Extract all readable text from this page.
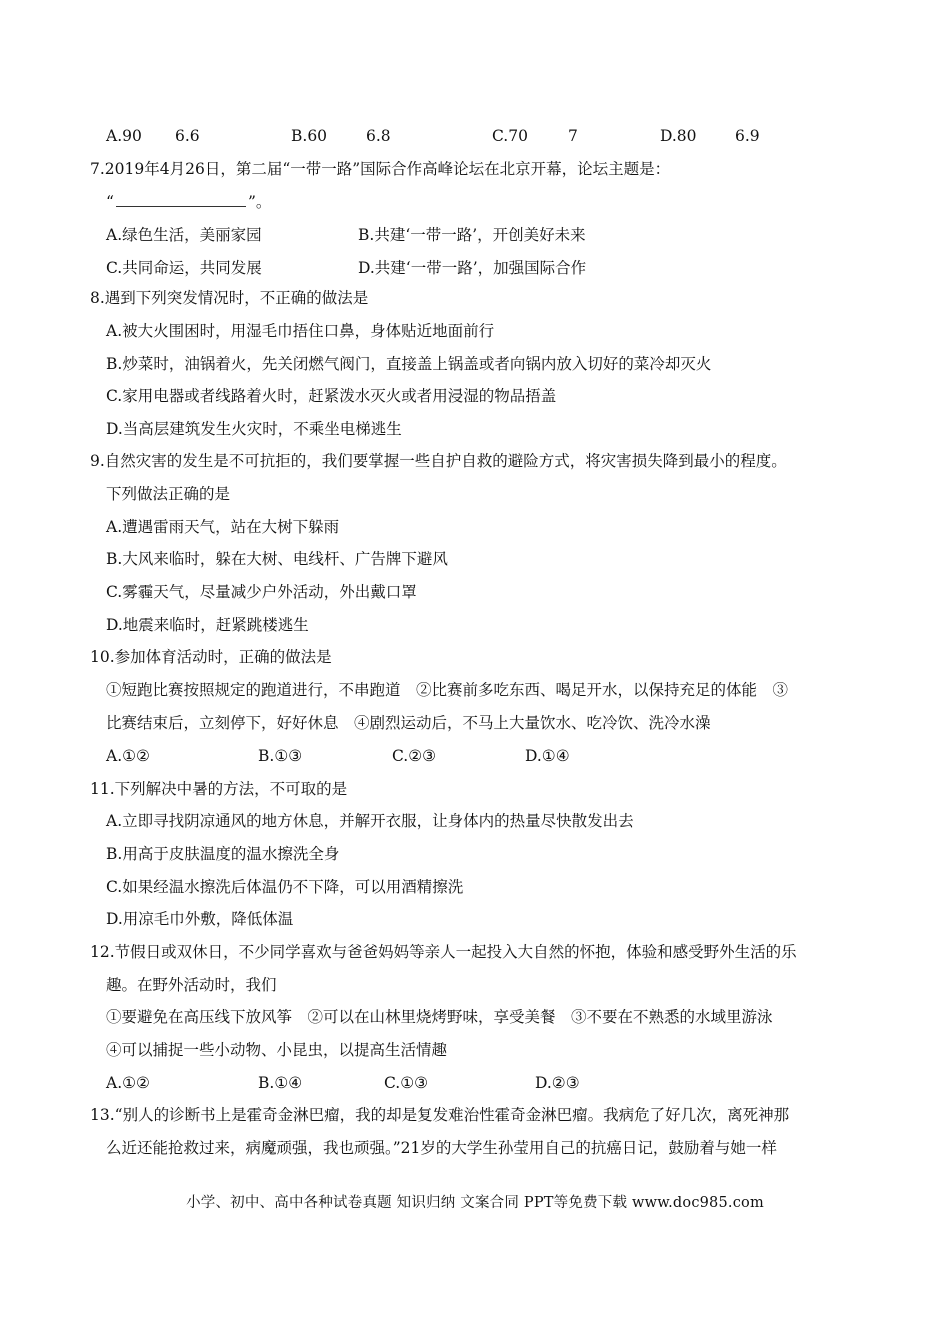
A.90 6.6	B.60	6.8	C.70	7	D.80 6.9
7.2019年4月26日，第二届“一带一路”国际合作高峰论坛在北京开幕，论坛主题是：
“	”。
A.绿色生活，美丽家园	B.共建‘一带一路’，开创美好未来
C.共同命运，共同发展	D.共建‘一带一路’，加强国际合作
8.遇到下列突发情况时，不正确的做法是
A.被大火围困时，用湿毛巾捂住口鼻，身体贴近地面前行
B.炒菜时，油锅着火，先关闭燃气阀门，直接盖上锅盖或者向锅内放入切好的菜冷却灭火
C.家用电器或者线路着火时，赶紧泼水灭火或者用浸湿的物品捂盖
D.当高层建筑发生火灾时，不乘坐电梯逃生
9.自然灾害的发生是不可抗拒的，我们要掌握一些自护自救的避险方式，将灾害损失降到最小的程度。
下列做法正确的是
A.遭遇雷雨天气，站在大树下躲雨
B.大风来临时，躲在大树、电线杆、广告牌下避风
C.雾霾天气，尽量减少户外活动，外出戴口罩
D.地震来临时，赶紧跳楼逃生
10.参加体育活动时，正确的做法是
①短跑比赛按照规定的跑道进行，不串跑道　②比赛前多吃东西、喝足开水，以保持充足的体能　③
比赛结束后，立刻停下，好好休息　④剧烈运动后，不马上大量饮水、吃冷饮、洗冷水澡
A.①②	B.①③	C.②③	D.①④
11.下列解决中暑的方法，不可取的是
A.立即寻找阴凉通风的地方休息，并解开衣服，让身体内的热量尽快散发出去
B.用高于皮肤温度的温水擦洗全身
C.如果经温水擦洗后体温仍不下降，可以用酒精擦洗
D.用凉毛巾外敷，降低体温
12.节假日或双休日，不少同学喜欢与爸爸妈妈等亲人一起投入大自然的怀抱，体验和感受野外生活的乐
趣。在野外活动时，我们
①要避免在高压线下放风筝　②可以在山林里烧烤野味，享受美餐　③不要在不熟悉的水域里游泳
④可以捕捉一些小动物、小昆虫，以提高生活情趣
A.①②	B.①④	C.①③	D.②③
13.“别人的诊断书上是霍奇金淋巴瘤，我的却是复发难治性霍奇金淋巴瘤。我病危了好几次，离死神那
么近还能抢救过来，病魔顽强，我也顽强。”21岁的大学生孙莹用自己的抗癌日记，鼓励着与她一样
小学、初中、高中各种试卷真题 知识归纳 文案合同 PPT等免费下载 www.doc985.com
